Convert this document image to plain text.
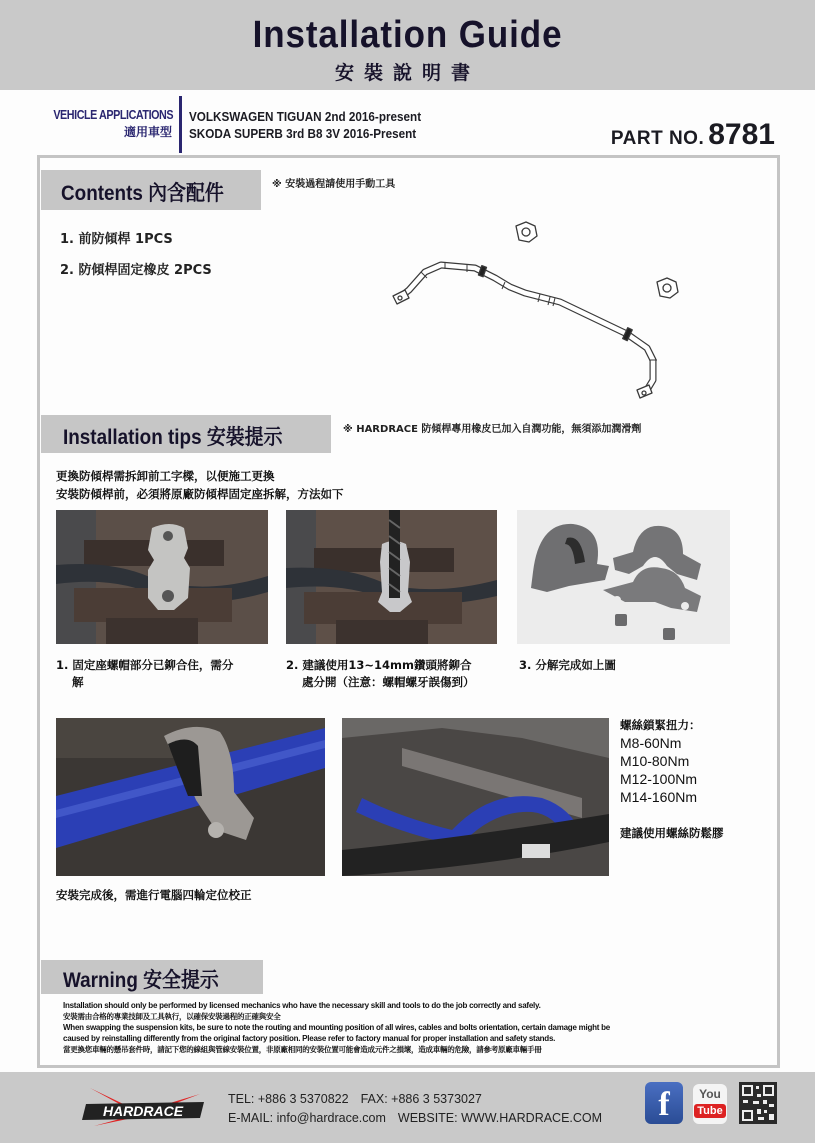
Installation Guide
安裝說明書
VEHICLE APPLICATIONS
適用車型
VOLKSWAGEN TIGUAN 2nd 2016-present
SKODA SUPERB 3rd B8 3V 2016-Present	PART NO. 8781
Contents 內含配件	※ 安裝過程請使用手動工具
1. 前防傾桿 1PCS
2. 防傾桿固定橡皮 2PCS
Installation tips 安裝提示	※ HARDRACE 防傾桿專用橡皮已加入自潤功能，無須添加潤滑劑
更換防傾桿需拆卸前工字樑，以便施工更換
安裝防傾桿前，必須將原廠防傾桿固定座拆解，方法如下
1. 固定座螺帽部分已鉚合住，需分
解
2. 建議使用13~14mm鑽頭將鉚合
處分開（注意：螺帽螺牙誤傷到）
3. 分解完成如上圖
螺絲鎖緊扭力：
M8-60Nm
M10-80Nm
M12-100Nm
M14-160Nm
建議使用螺絲防鬆膠
安裝完成後，需進行電腦四輪定位校正
Warning 安全提示

Installation should only be performed by licensed mechanics who have the necessary skill and tools to do the job correctly and safely.

安裝需由合格的專業技師及工具執行，以確保安裝過程的正確與安全

When swapping the suspension kits, be sure to note the routing and mounting position of all wires, cables and bolts orientation, certain damage might be

caused by reinstalling differently from the original factory position. Please refer to factory manual for proper installation and safety stands.

當更換您車輛的懸吊套件時，請記下您的線組與管線安裝位置，非原廠相同的安裝位置可能會造成元件之損壞，造成車輛的危險，請參考原廠車輛手冊

HARDRACE
TEL: +886 3 5370822 FAX: +886 3 5373027
E-MAIL: info@hardrace.com WEBSITE: WWW.HARDRACE.COM	f	You
Tube
